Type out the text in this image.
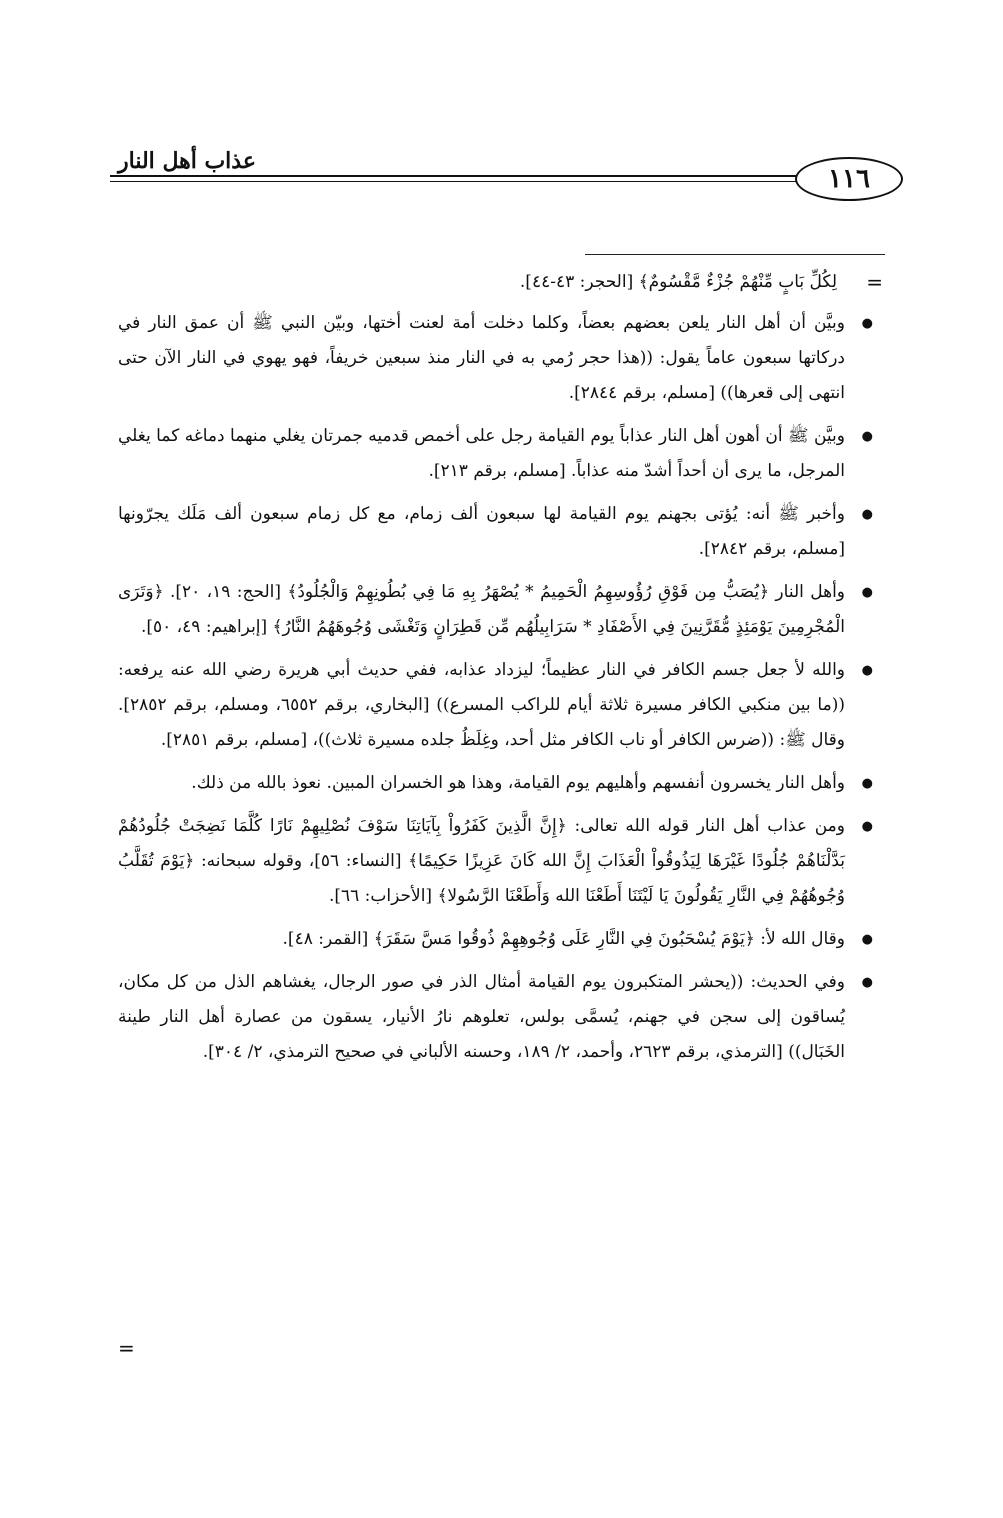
عذاب أهل النار
١١٦
=

لِكُلِّ بَابٍ مِّنْهُمْ جُزْءٌ مَّقْسُومٌ﴾ [الحجر: ٤٣-٤٤].

● وبيَّن أن أهل النار يلعن بعضهم بعضاً، وكلما دخلت أمة لعنت أختها، وبيّن النبي ﷺ أن عمق النار في دركاتها سبعون عاماً يقول: ((هذا حجر رُمي به في النار منذ سبعين خريفاً، فهو يهوي في النار الآن حتى انتهى إلى قعرها)) [مسلم، برقم ٢٨٤٤].

● وبيَّن ﷺ أن أهون أهل النار عذاباً يوم القيامة رجل على أخمص قدميه جمرتان يغلي منهما دماغه كما يغلي المرجل، ما يرى أن أحداً أشدّ منه عذاباً. [مسلم، برقم ٢١٣].

● وأخبر ﷺ أنه: يُؤتى بجهنم يوم القيامة لها سبعون ألف زمام، مع كل زمام سبعون ألف مَلَك يجرّونها [مسلم، برقم ٢٨٤٢].

● وأهل النار ﴿يُصَبُّ مِن فَوْقِ رُؤُوسِهِمُ الْحَمِيمُ * يُصْهَرُ بِهِ مَا فِي بُطُونِهِمْ وَالْجُلُودُ﴾ [الحج: ١٩، ٢٠]. ﴿وَتَرَى الْمُجْرِمِينَ يَوْمَئِذٍ مُّقَرَّنِينَ فِي الأَصْفَادِ * سَرَابِيلُهُم مِّن قَطِرَانٍ وَتَغْشَى وُجُوهَهُمُ النَّارُ﴾ [إبراهيم: ٤٩، ٥٠].

● والله لأ جعل جسم الكافر في النار عظيماً؛ ليزداد عذابه، ففي حديث أبي هريرة رضي الله عنه يرفعه: ((ما بين منكبي الكافر مسيرة ثلاثة أيام للراكب المسرع)) [البخاري، برقم ٦٥٥٢، ومسلم، برقم ٢٨٥٢]. وقال ﷺ: ((ضرس الكافر أو ناب الكافر مثل أحد، وغِلَظُ جلده مسيرة ثلاث))، [مسلم، برقم ٢٨٥١].

● وأهل النار يخسرون أنفسهم وأهليهم يوم القيامة، وهذا هو الخسران المبين. نعوذ بالله من ذلك.

● ومن عذاب أهل النار قوله الله تعالى: ﴿إِنَّ الَّذِينَ كَفَرُواْ بِآيَاتِنَا سَوْفَ نُصْلِيهِمْ نَارًا كُلَّمَا نَضِجَتْ جُلُودُهُمْ بَدَّلْنَاهُمْ جُلُودًا غَيْرَهَا لِيَذُوقُواْ الْعَذَابَ إِنَّ الله كَانَ عَزِيزًا حَكِيمًا﴾ [النساء: ٥٦]، وقوله سبحانه: ﴿يَوْمَ تُقَلَّبُ وُجُوهُهُمْ فِي النَّارِ يَقُولُونَ يَا لَيْتَنَا أَطَعْنَا الله وَأَطَعْنَا الرَّسُولا﴾ [الأحزاب: ٦٦].

● وقال الله لأ: ﴿يَوْمَ يُسْحَبُونَ فِي النَّارِ عَلَى وُجُوهِهِمْ ذُوقُوا مَسَّ سَقَرَ﴾ [القمر: ٤٨].

● وفي الحديث: ((يحشر المتكبرون يوم القيامة أمثال الذر في صور الرجال، يغشاهم الذل من كل مكان، يُساقون إلى سجن في جهنم، يُسمَّى بولس، تعلوهم نارُ الأنيار، يسقون من عصارة أهل النار طينة الخَبَال)) [الترمذي، برقم ٢٦٢٣، وأحمد، ٢/ ١٨٩، وحسنه الألباني في صحيح الترمذي، ٢/ ٣٠٤].

=
